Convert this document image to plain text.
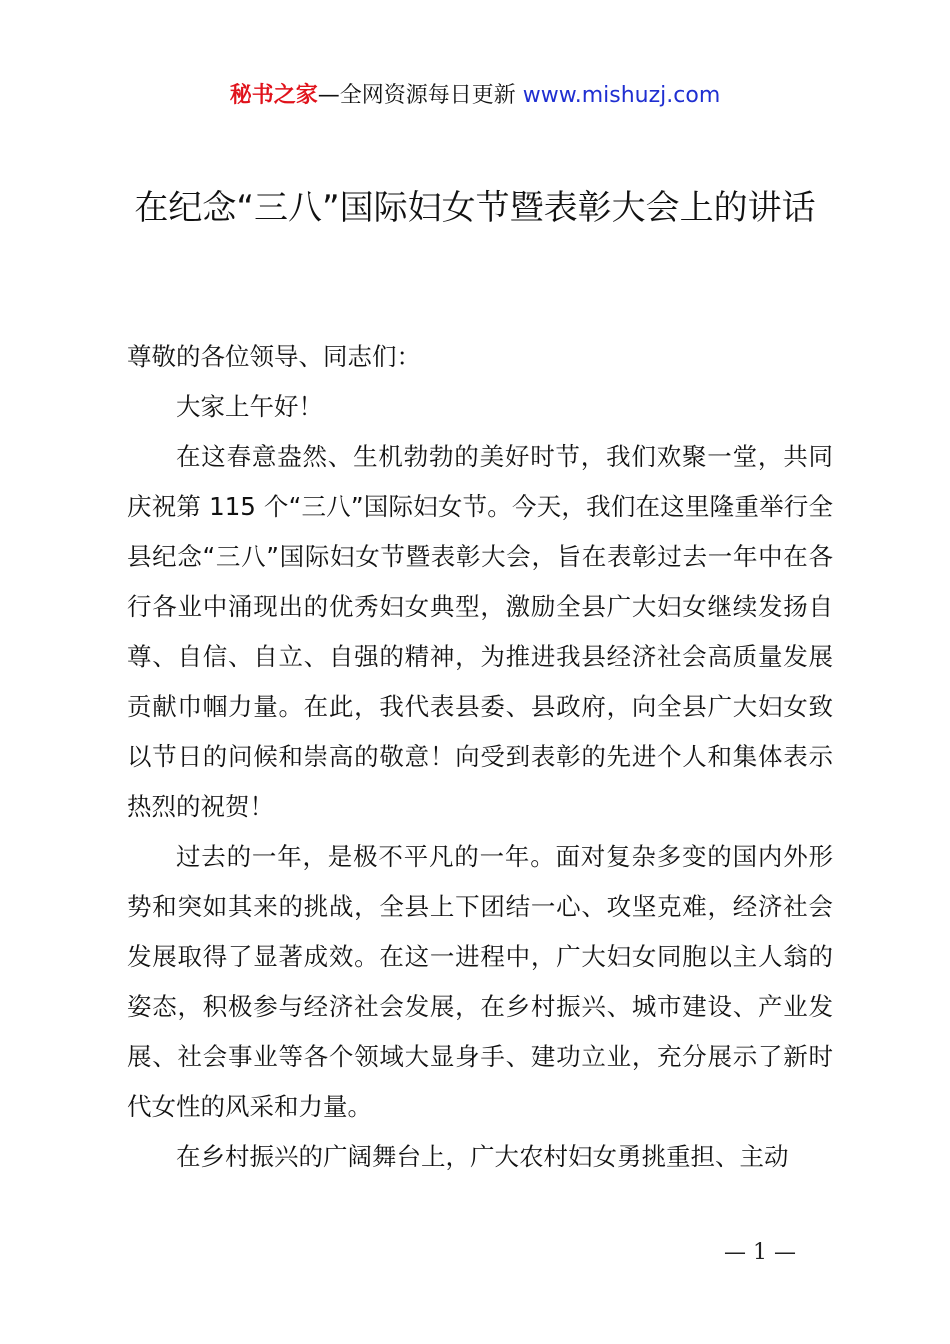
秘书之家—全网资源每日更新 www.mishuzj.com
在纪念“三八”国际妇女节暨表彰大会上的讲话

尊敬的各位领导、同志们：

大家上午好！

在这春意盎然、生机勃勃的美好时节，我们欢聚一堂，共同庆祝第 115 个“三八”国际妇女节。今天，我们在这里隆重举行全县纪念“三八”国际妇女节暨表彰大会，旨在表彰过去一年中在各行各业中涌现出的优秀妇女典型，激励全县广大妇女继续发扬自尊、自信、自立、自强的精神，为推进我县经济社会高质量发展贡献巾帼力量。在此，我代表县委、县政府，向全县广大妇女致以节日的问候和崇高的敬意！向受到表彰的先进个人和集体表示热烈的祝贺！

过去的一年，是极不平凡的一年。面对复杂多变的国内外形势和突如其来的挑战，全县上下团结一心、攻坚克难，经济社会发展取得了显著成效。在这一进程中，广大妇女同胞以主人翁的姿态，积极参与经济社会发展，在乡村振兴、城市建设、产业发展、社会事业等各个领域大显身手、建功立业，充分展示了新时代女性的风采和力量。

在乡村振兴的广阔舞台上，广大农村妇女勇挑重担、主动

— 1 —
